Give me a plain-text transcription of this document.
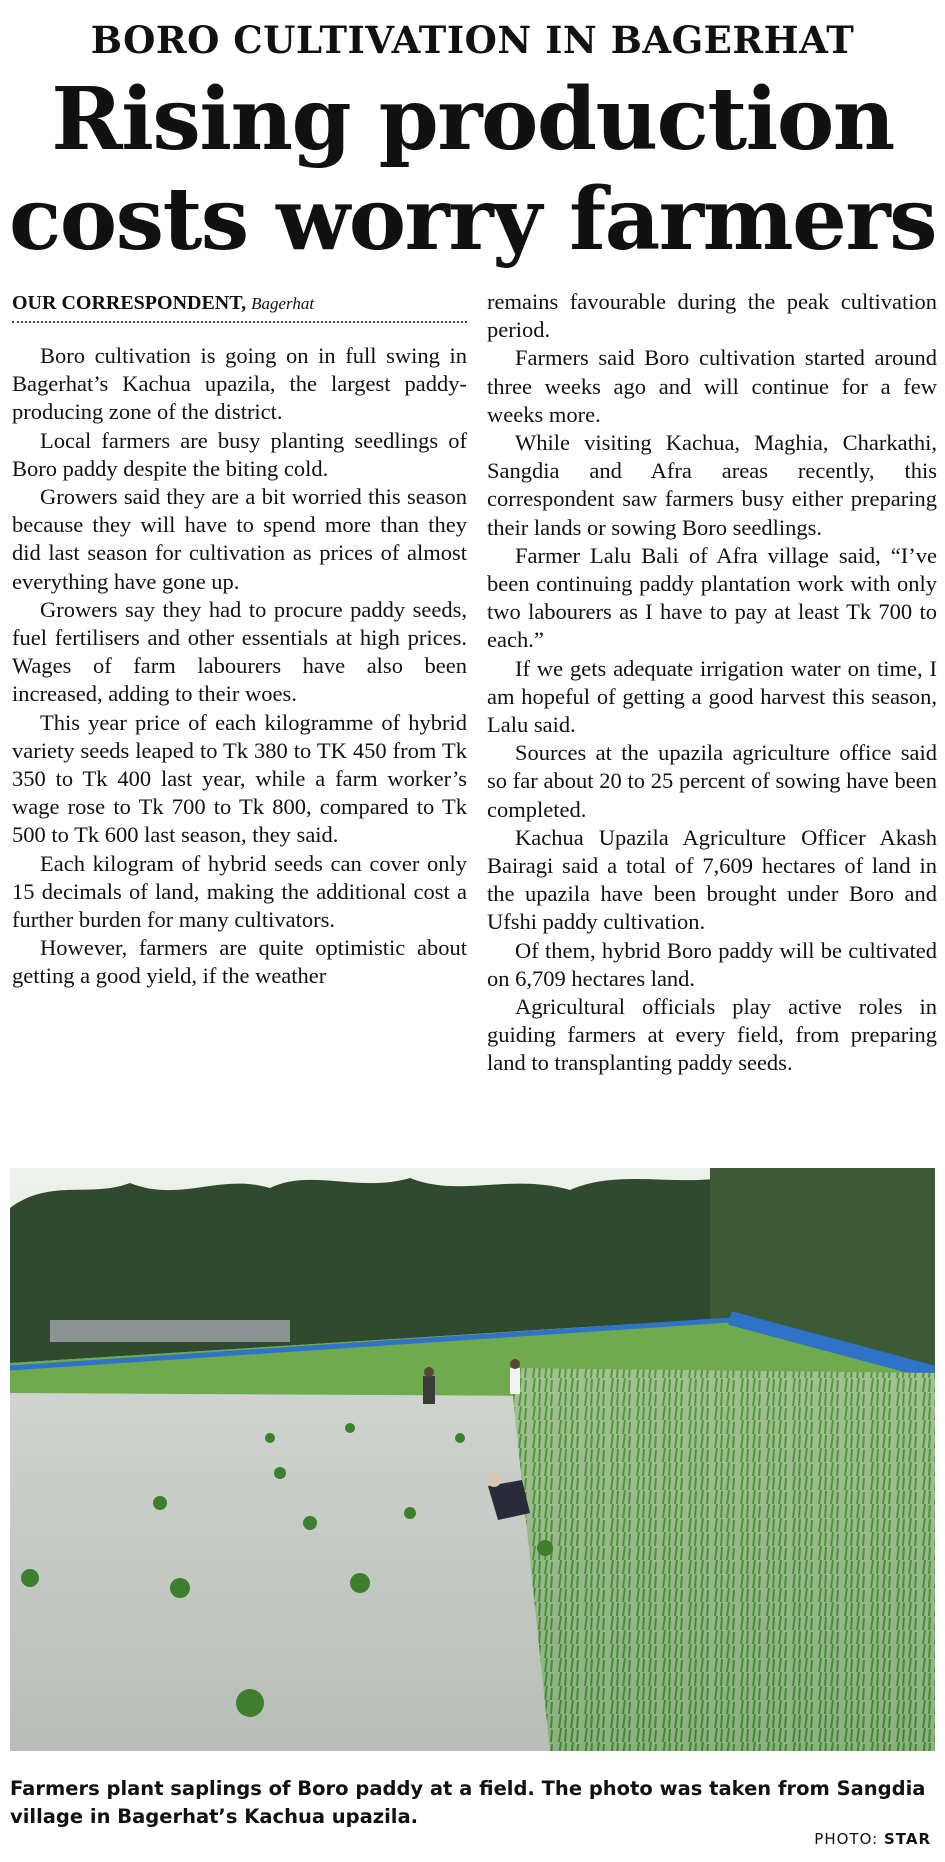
BORO CULTIVATION IN BAGERHAT
Rising production
costs worry farmers
OUR CORRESPONDENT, Bagerhat

Boro cultivation is going on in full swing in Bagerhat’s Kachua upazila, the largest paddy-producing zone of the district.

Local farmers are busy planting seedlings of Boro paddy despite the biting cold.

Growers said they are a bit worried this season because they will have to spend more than they did last season for cultivation as prices of almost everything have gone up.

Growers say they had to procure paddy seeds, fuel fertilisers and other essentials at high prices. Wages of farm labourers have also been increased, adding to their woes.

This year price of each kilogramme of hybrid variety seeds leaped to Tk 380 to TK 450 from Tk 350 to Tk 400 last year, while a farm worker’s wage rose to Tk 700 to Tk 800, compared to Tk 500 to Tk 600 last season, they said.

Each kilogram of hybrid seeds can cover only 15 decimals of land, making the additional cost a further burden for many cultivators.

However, farmers are quite optimistic about getting a good yield, if the weather

remains favourable during the peak cultivation period.

Farmers said Boro cultivation started around three weeks ago and will continue for a few weeks more.

While visiting Kachua, Maghia, Charkathi, Sangdia and Afra areas recently, this correspondent saw farmers busy either preparing their lands or sowing Boro seedlings.

Farmer Lalu Bali of Afra village said, “I’ve been continuing paddy plantation work with only two labourers as I have to pay at least Tk 700 to each.”

If we gets adequate irrigation water on time, I am hopeful of getting a good harvest this season, Lalu said.

Sources at the upazila agriculture office said so far about 20 to 25 percent of sowing have been completed.

Kachua Upazila Agriculture Officer Akash Bairagi said a total of 7,609 hectares of land in the upazila have been brought under Boro and Ufshi paddy cultivation.

Of them, hybrid Boro paddy will be cultivated on 6,709 hectares land.

Agricultural officials play active roles in guiding farmers at every field, from preparing land to transplanting paddy seeds.

Farmers plant saplings of Boro paddy at a field. The photo was taken from Sangdia village in Bagerhat’s Kachua upazila.
PHOTO: STAR
